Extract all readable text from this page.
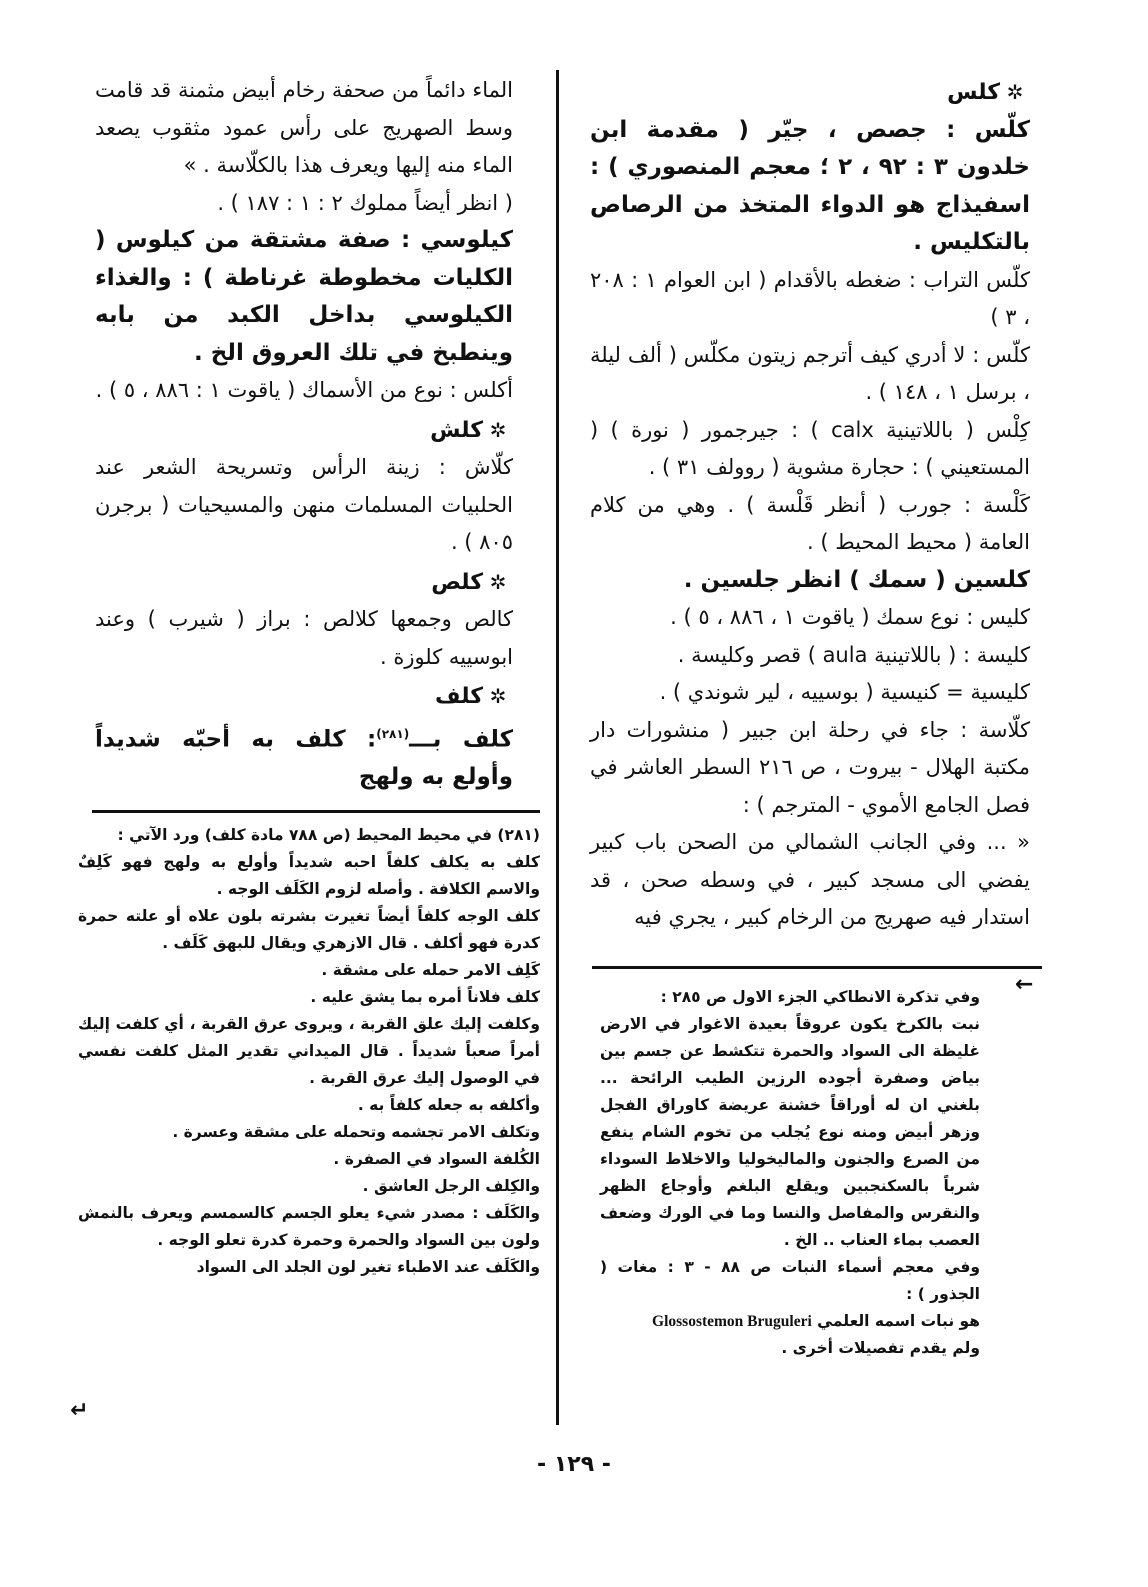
✲كلس

كلّس : جصص ، جيّر ( مقدمة ابن خلدون ٣ : ٩٢ ، ٢ ؛ معجم المنصوري ) : اسفيذاج هو الدواء المتخذ من الرصاص بالتكليس .

كلّس التراب : ضغطه بالأقدام ( ابن العوام ١ : ٢٠٨ ، ٣ )

كلّس : لا أدري كيف أترجم زيتون مكلّس ( ألف ليلة ، برسل ١ ، ١٤٨ ) .

كِلْس ( باللاتينية calx ) : جيرجمور ( نورة ) ( المستعيني ) : حجارة مشوية ( روولف ٣١ ) .

كَلْسة : جورب ( أنظر قَلْسة ) . وهي من كلام العامة ( محيط المحيط ) .

كلسين ( سمك ) انظر جلسين .

كليس : نوع سمك ( ياقوت ١ ، ٨٨٦ ، ٥ ) .

كليسة : ( باللاتينية aula ) قصر وكليسة .

كليسية = كنيسية ( بوسييه ، لير شوندي ) .

كلّاسة : جاء في رحلة ابن جبير ( منشورات دار مكتبة الهلال - بيروت ، ص ٢١٦ السطر العاشر في فصل الجامع الأموي - المترجم ) :

« ... وفي الجانب الشمالي من الصحن باب كبير يفضي الى مسجد كبير ، في وسطه صحن ، قد استدار فيه صهريج من الرخام كبير ، يجري فيه

الماء دائماً من صحفة رخام أبيض مثمنة قد قامت وسط الصهريج على رأس عمود مثقوب يصعد الماء منه إليها ويعرف هذا بالكلّاسة . »

( انظر أيضاً مملوك ٢ : ١ : ١٨٧ ) .

كيلوسي : صفة مشتقة من كيلوس ( الكليات مخطوطة غرناطة ) : والغذاء الكيلوسي بداخل الكبد من بابه وينطبخ في تلك العروق الخ .

أكلس : نوع من الأسماك ( ياقوت ١ : ٨٨٦ ، ٥ ) .

✲كلش

كلّاش : زينة الرأس وتسريحة الشعر عند الحلبيات المسلمات منهن والمسيحيات ( برجرن ٨٠٥ ) .

✲كلص

كالص وجمعها كلالص : براز ( شيرب ) وعند ابوسييه كلوزة .

✲كلف

كلف بـــ$^{(٢٨١)}$: كلف به أحبّه شديداً وأولع به ولهج

(٢٨١) في محيط المحيط (ص ٧٨٨ مادة كلف) ورد الآتي :

كلف به يكلف كلفاً احبه شديداً وأولع به ولهج فهو كَلِفٌ والاسم الكلافة . وأصله لزوم الكَلَف الوجه .

كلف الوجه كلفاً أيضاً تغيرت بشرته بلون علاه أو علته حمرة كدرة فهو أكلف . قال الازهري ويقال للبهق كَلَف .

كَلِف الامر حمله على مشقة .

كلف فلاناً أمره بما يشق عليه .

وكلفت إليك علق القربة ، ويروى عرق القربة ، أي كلفت إليك أمراً صعباً شديداً . قال الميداني تقدير المثل كلفت نفسي في الوصول إليك عرق القربة .

وأكلفه به جعله كلفاً به .

وتكلف الامر تجشمه وتحمله على مشقة وعسرة .

الكُلفة السواد في الصفرة .

والكِلف الرجل العاشق .

والكَلَف : مصدر شيء يعلو الجسم كالسمسم ويعرف بالنمش ولون بين السواد والحمرة وحمرة كدرة تعلو الوجه .

والكَلَف عند الاطباء تغير لون الجلد الى السواد

↵
←

وفي تذكرة الانطاكي الجزء الاول ص ٢٨٥ :

نبت بالكرخ يكون عروقاً بعيدة الاغوار في الارض غليظة الى السواد والحمرة تتكشط عن جسم بين بياض وصفرة أجوده الرزين الطيب الرائحة ... بلغني ان له أوراقاً خشنة عريضة كاوراق الفجل وزهر أبيض ومنه نوع يُجلب من تخوم الشام ينفع من الصرع والجنون والماليخوليا والاخلاط السوداء شرباً بالسكنجبين ويقلع البلغم وأوجاع الظهر والنقرس والمفاصل والنسا وما في الورك وضعف العصب بماء العناب .. الخ .

وفي معجم أسماء النبات ص ٨٨ - ٣ : مغات ( الجذور ) :

هو نبات اسمه العلمي Glossostemon Bruguleri

ولم يقدم تفصيلات أخرى .

- ١٢٩ -
